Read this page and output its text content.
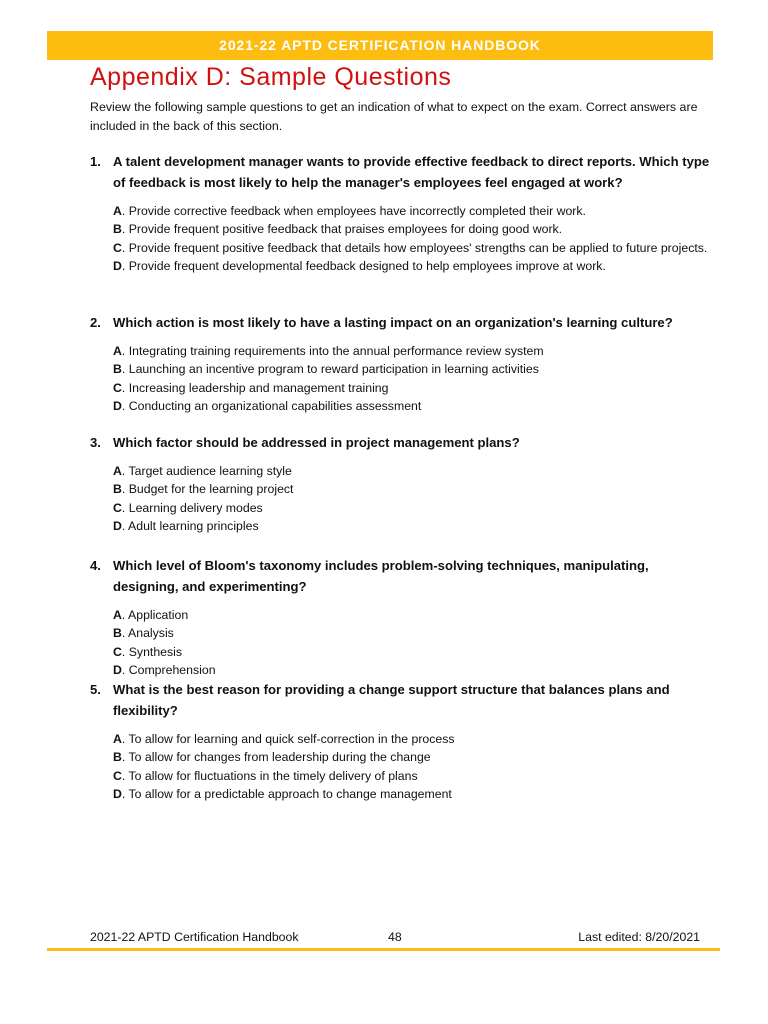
2021-22 APTD CERTIFICATION HANDBOOK
Appendix D: Sample Questions

Review the following sample questions to get an indication of what to expect on the exam. Correct answers are included in the back of this section.

1. A talent development manager wants to provide effective feedback to direct reports. Which type of feedback is most likely to help the manager's employees feel engaged at work?
A. Provide corrective feedback when employees have incorrectly completed their work.
B. Provide frequent positive feedback that praises employees for doing good work.
C. Provide frequent positive feedback that details how employees' strengths can be applied to future projects.
D. Provide frequent developmental feedback designed to help employees improve at work.
2. Which action is most likely to have a lasting impact on an organization's learning culture?
A. Integrating training requirements into the annual performance review system
B. Launching an incentive program to reward participation in learning activities
C. Increasing leadership and management training
D. Conducting an organizational capabilities assessment
3. Which factor should be addressed in project management plans?
A. Target audience learning style
B. Budget for the learning project
C. Learning delivery modes
D. Adult learning principles
4. Which level of Bloom's taxonomy includes problem-solving techniques, manipulating, designing, and experimenting?
A. Application
B. Analysis
C. Synthesis
D. Comprehension
5. What is the best reason for providing a change support structure that balances plans and flexibility?
A. To allow for learning and quick self-correction in the process
B. To allow for changes from leadership during the change
C. To allow for fluctuations in the timely delivery of plans
D. To allow for a predictable approach to change management
2021-22 APTD Certification Handbook	48	Last edited: 8/20/2021
